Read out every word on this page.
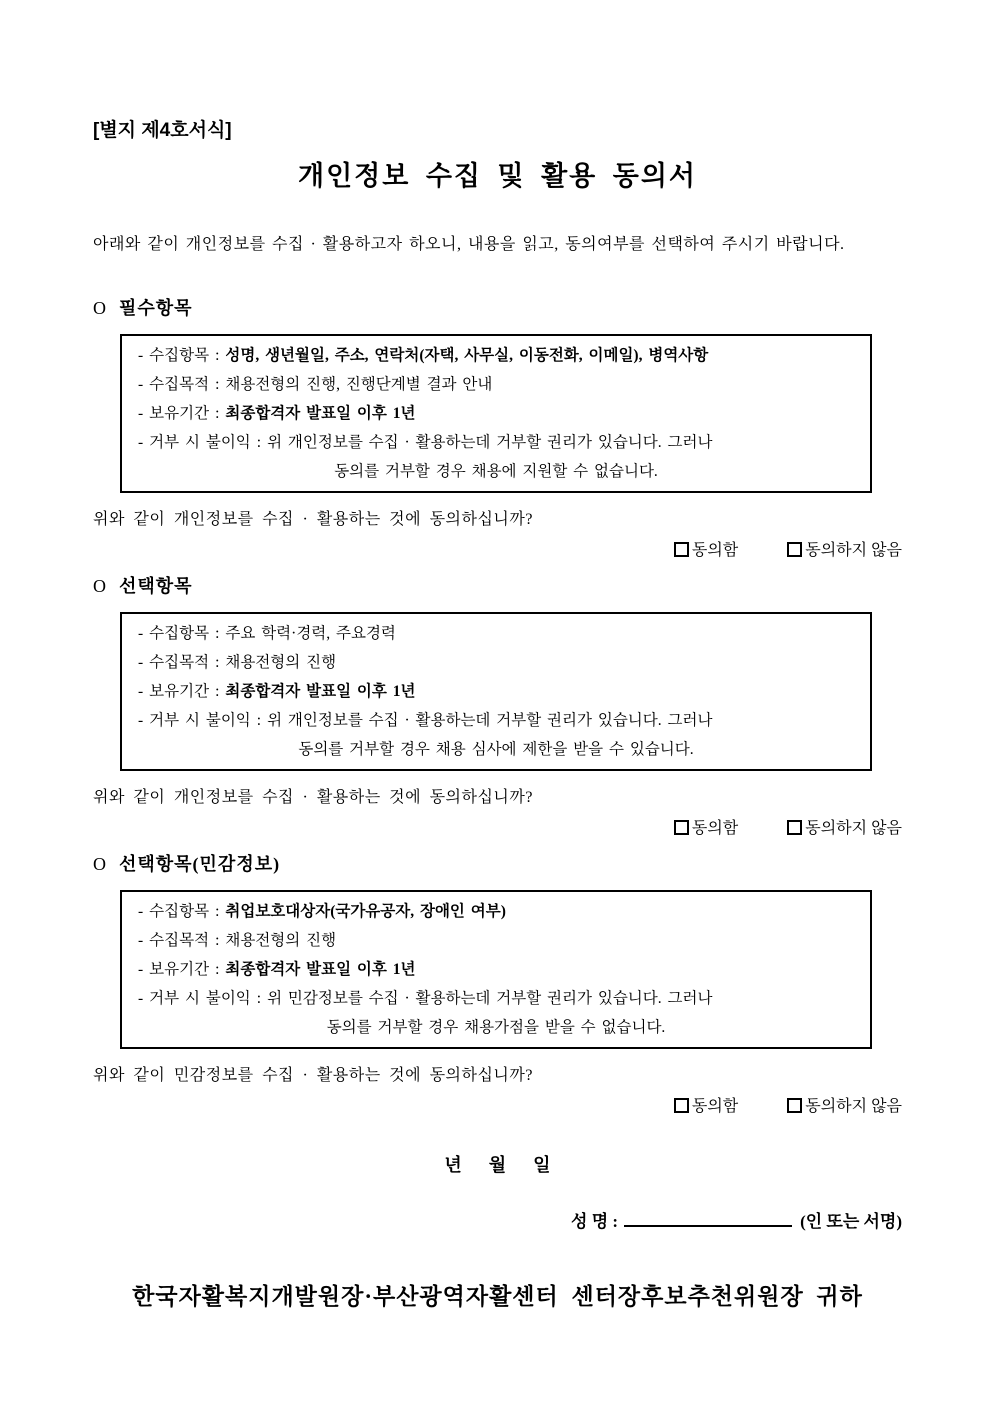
[별지 제4호서식]
개인정보 수집 및 활용 동의서
아래와 같이 개인정보를 수집 · 활용하고자 하오니, 내용을 읽고, 동의여부를 선택하여 주시기 바랍니다.
O 필수항목
- 수집항목 : 성명, 생년월일, 주소, 연락처(자택, 사무실, 이동전화, 이메일), 병역사항
- 수집목적 : 채용전형의 진행, 진행단계별 결과 안내
- 보유기간 : 최종합격자 발표일 이후 1년
- 거부 시 불이익 : 위 개인정보를 수집 · 활용하는데 거부할 권리가 있습니다. 그러나
동의를 거부할 경우 채용에 지원할 수 없습니다.
위와 같이 개인정보를 수집 · 활용하는 것에 동의하십니까?
동의함	동의하지 않음
O 선택항목
- 수집항목 : 주요 학력·경력, 주요경력
- 수집목적 : 채용전형의 진행
- 보유기간 : 최종합격자 발표일 이후 1년
- 거부 시 불이익 : 위 개인정보를 수집 · 활용하는데 거부할 권리가 있습니다. 그러나
동의를 거부할 경우 채용 심사에 제한을 받을 수 있습니다.
위와 같이 개인정보를 수집 · 활용하는 것에 동의하십니까?
동의함	동의하지 않음
O 선택항목(민감정보)
- 수집항목 : 취업보호대상자(국가유공자, 장애인 여부)
- 수집목적 : 채용전형의 진행
- 보유기간 : 최종합격자 발표일 이후 1년
- 거부 시 불이익 : 위 민감정보를 수집 · 활용하는데 거부할 권리가 있습니다. 그러나
동의를 거부할 경우 채용가점을 받을 수 없습니다.
위와 같이 민감정보를 수집 · 활용하는 것에 동의하십니까?
동의함	동의하지 않음
년      월      일
성 명 :	(인 또는 서명)
한국자활복지개발원장·부산광역자활센터 센터장후보추천위원장 귀하
